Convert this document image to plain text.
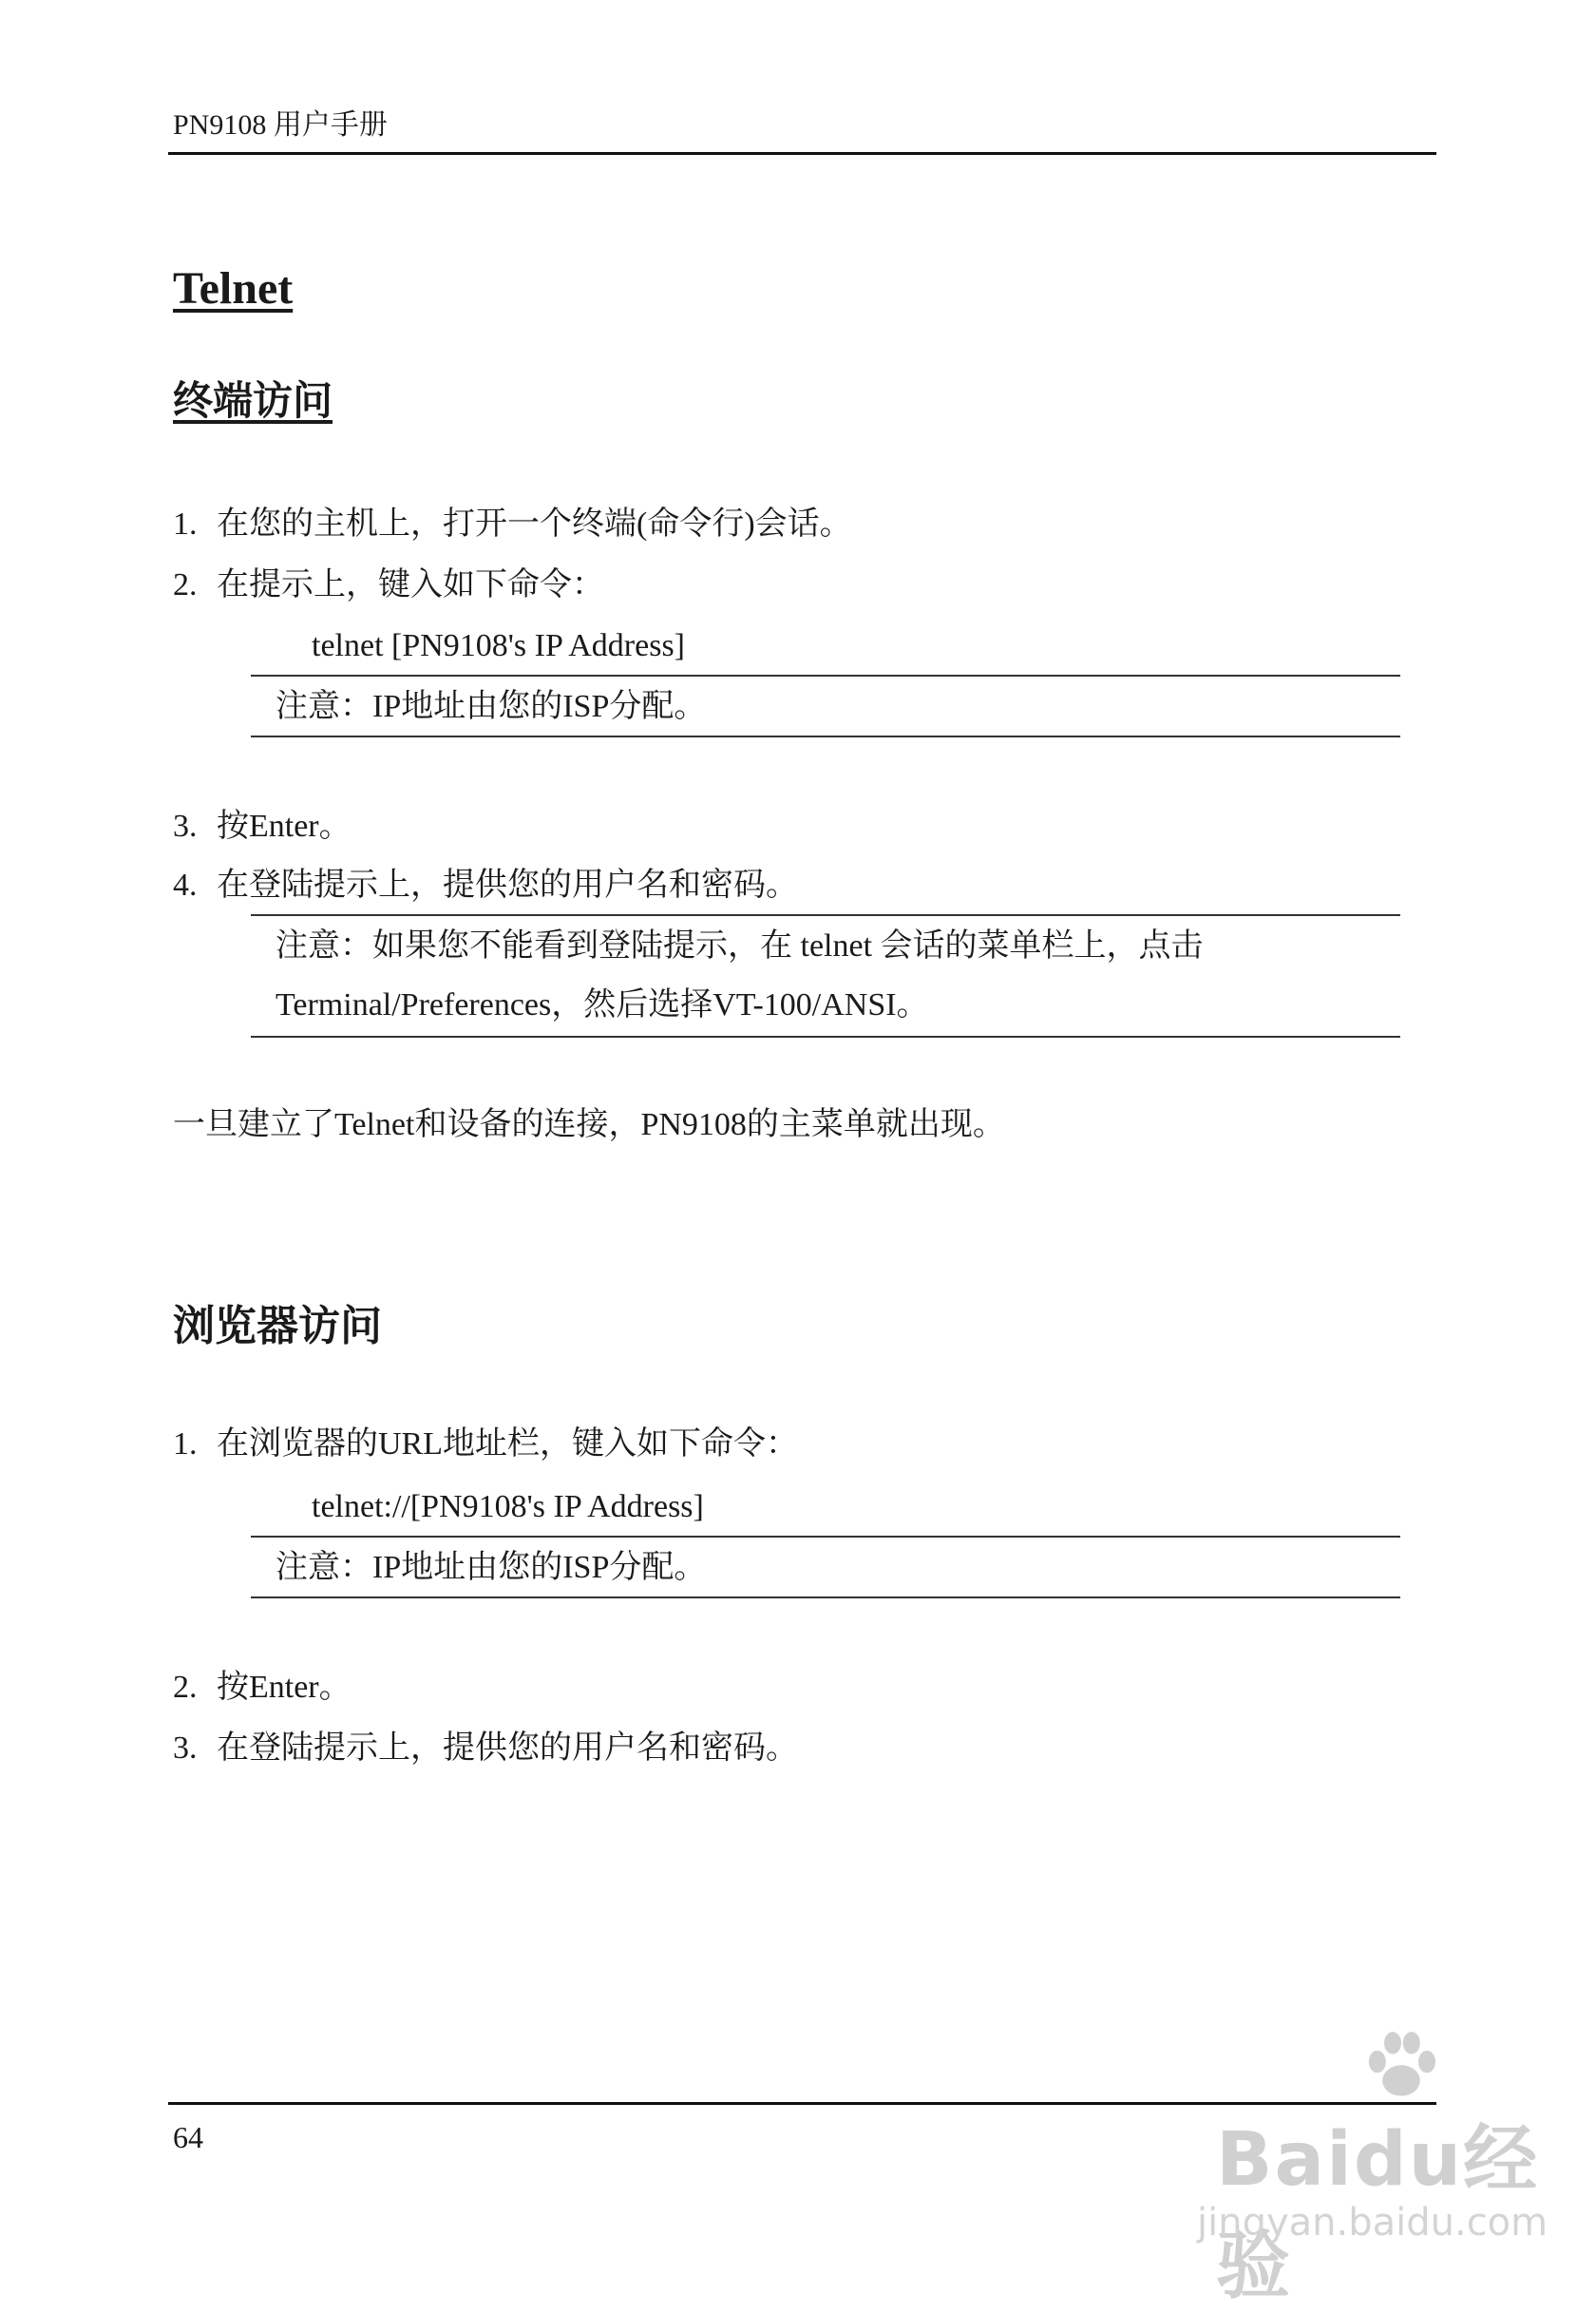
PN9108 用户手册
Telnet
终端访问
1. 在您的主机上，打开一个终端(命令行)会话。
2. 在提示上，键入如下命令：
telnet [PN9108's IP Address]
注意：IP地址由您的ISP分配。
3. 按Enter。
4. 在登陆提示上，提供您的用户名和密码。
注意：如果您不能看到登陆提示，在 telnet 会话的菜单栏上，点击
Terminal/Preferences，然后选择VT-100/ANSI。
一旦建立了Telnet和设备的连接，PN9108的主菜单就出现。
浏览器访问
1. 在浏览器的URL地址栏，键入如下命令：
telnet://[PN9108's IP Address]
注意：IP地址由您的ISP分配。
2. 按Enter。
3. 在登陆提示上，提供您的用户名和密码。
64	Baidu经验
jingyan.baidu.com
